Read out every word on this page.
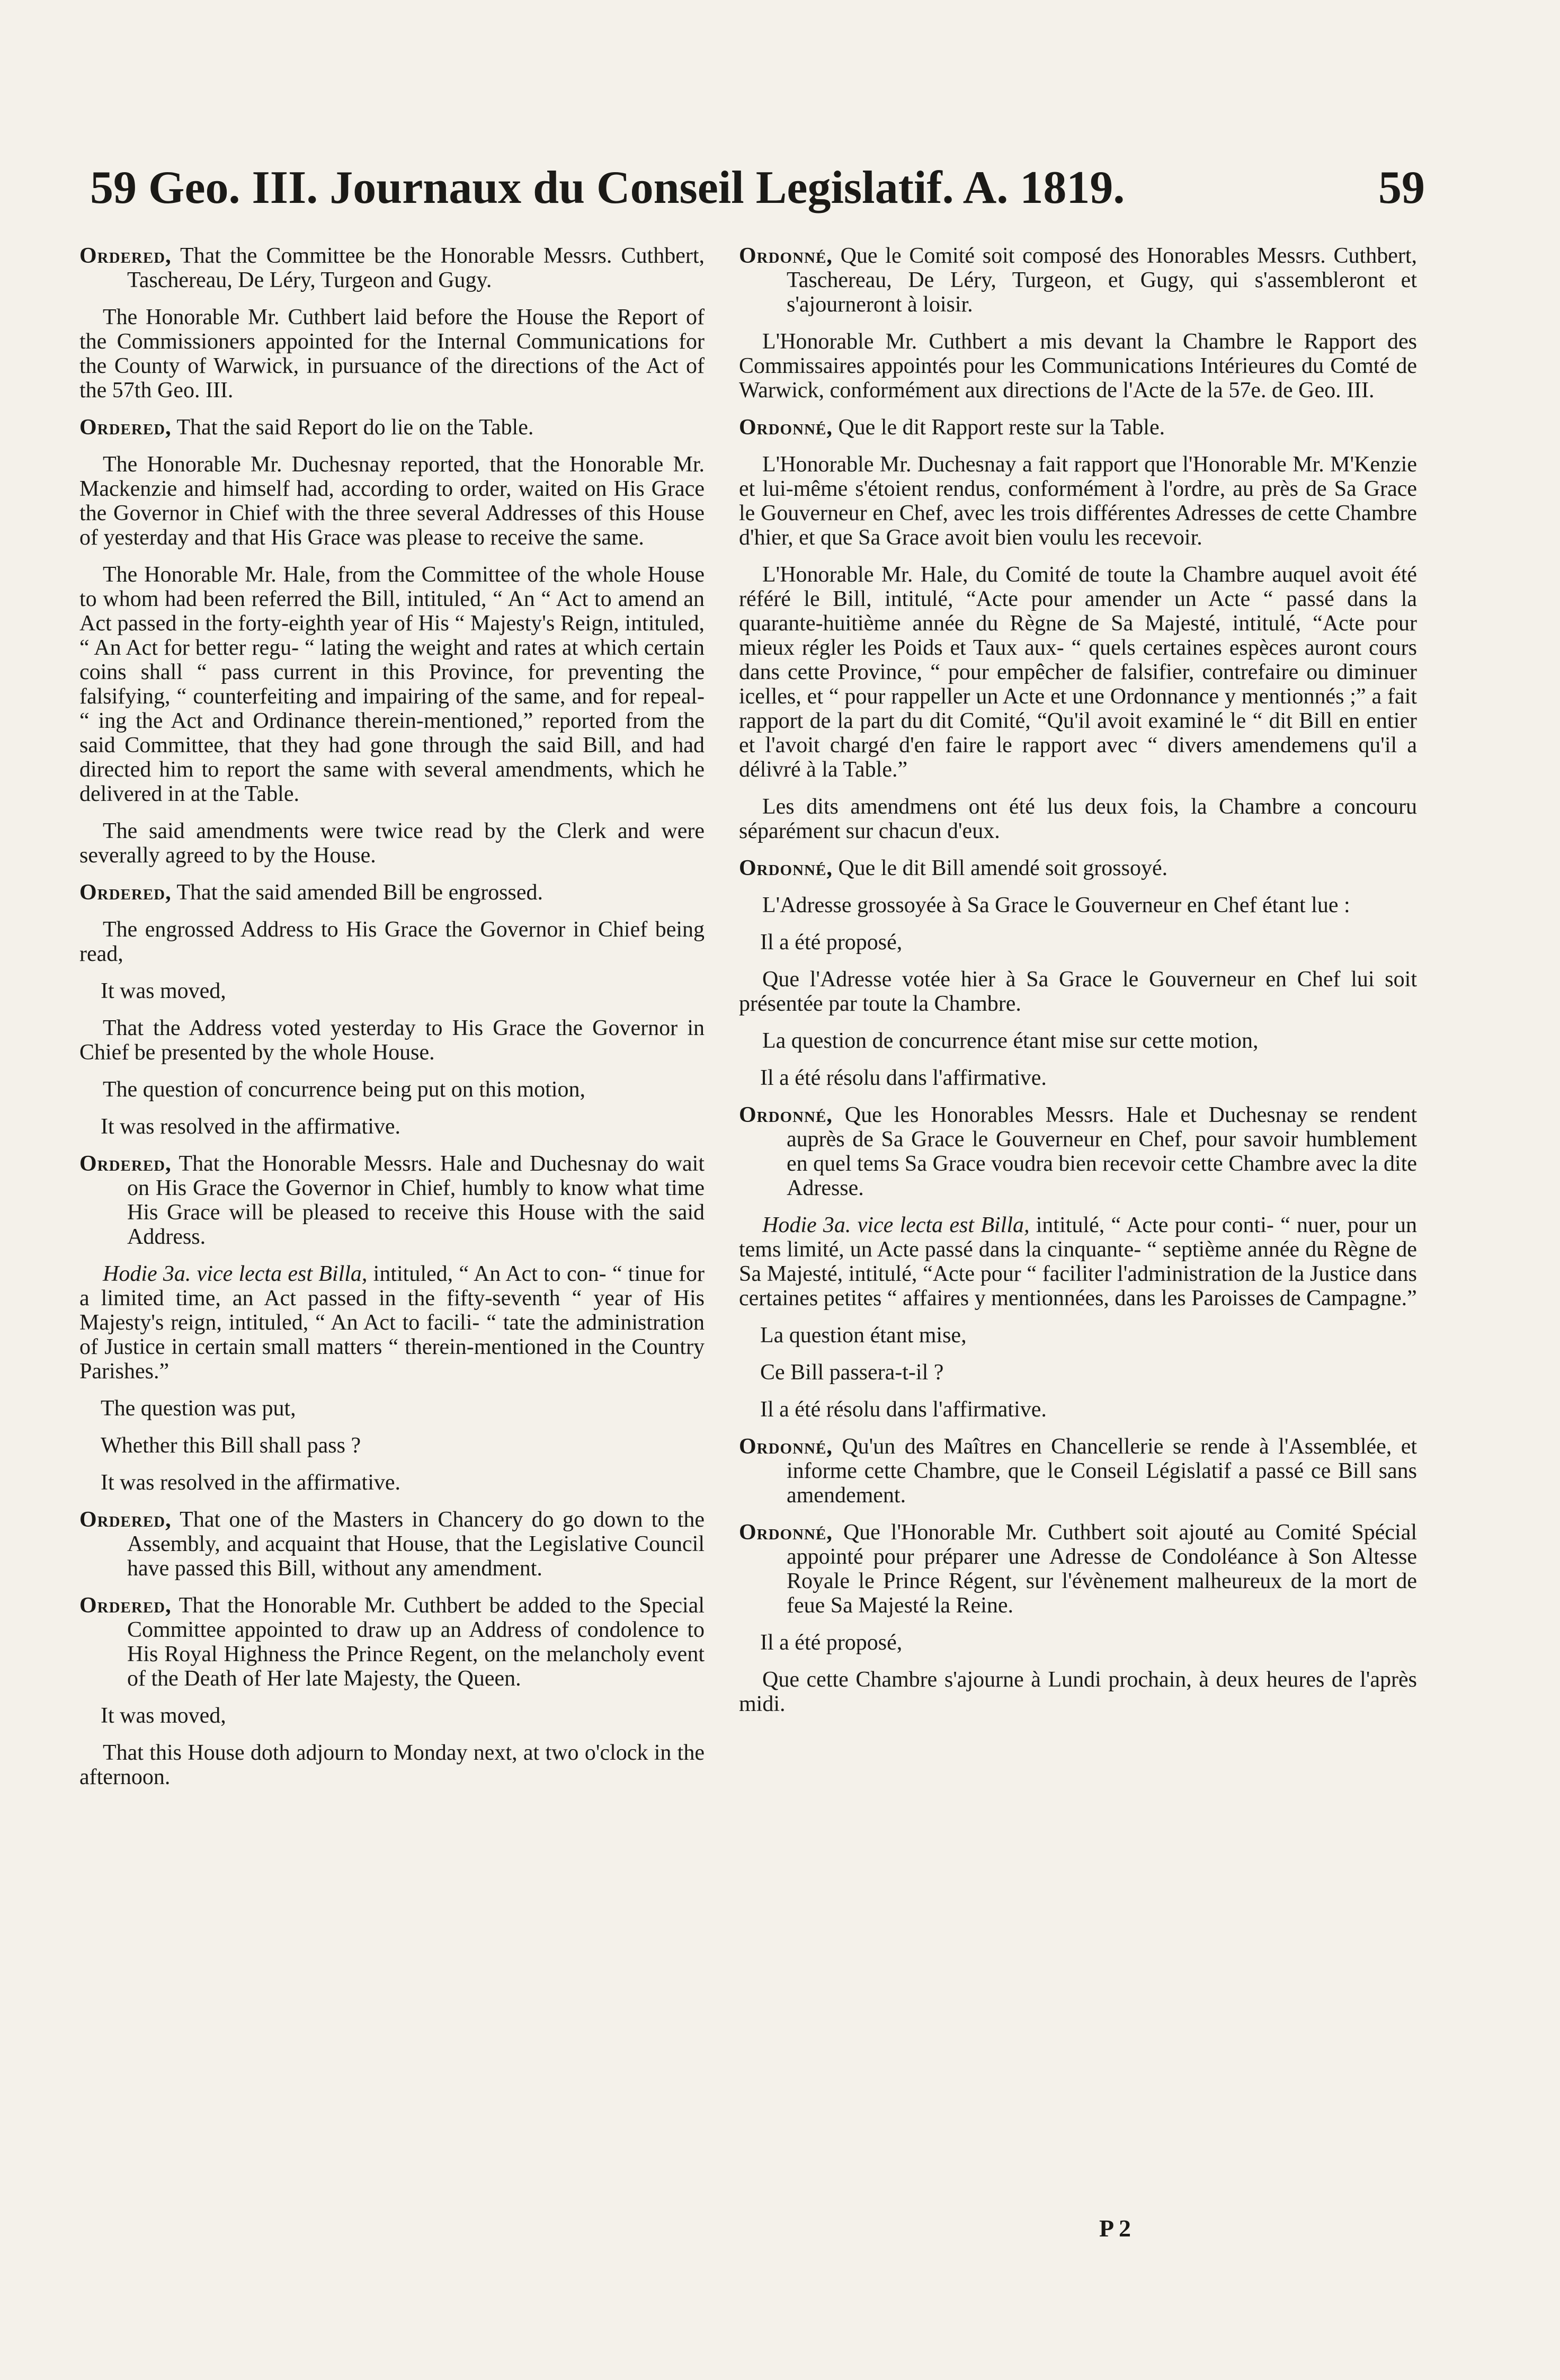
59 Geo. III. Journaux du Conseil Legislatif. A. 1819.	59

Ordered, That the Committee be the Honorable Messrs. Cuthbert, Taschereau, De Léry, Turgeon and Gugy.

The Honorable Mr. Cuthbert laid before the House the Report of the Commissioners appointed for the Internal Communications for the County of Warwick, in pursuance of the directions of the Act of the 57th Geo. III.

Ordered, That the said Report do lie on the Table.

The Honorable Mr. Duchesnay reported, that the Honorable Mr. Mackenzie and himself had, according to order, waited on His Grace the Governor in Chief with the three several Addresses of this House of yesterday and that His Grace was please to receive the same.

The Honorable Mr. Hale, from the Committee of the whole House to whom had been referred the Bill, intituled, “ An “ Act to amend an Act passed in the forty-eighth year of His “ Majesty's Reign, intituled, “ An Act for better regu- “ lating the weight and rates at which certain coins shall “ pass current in this Province, for preventing the falsifying, “ counterfeiting and impairing of the same, and for repeal- “ ing the Act and Ordinance therein-mentioned,” reported from the said Committee, that they had gone through the said Bill, and had directed him to report the same with several amendments, which he delivered in at the Table.

The said amendments were twice read by the Clerk and were severally agreed to by the House.

Ordered, That the said amended Bill be engrossed.

The engrossed Address to His Grace the Governor in Chief being read,

It was moved,

That the Address voted yesterday to His Grace the Governor in Chief be presented by the whole House.

The question of concurrence being put on this motion,

It was resolved in the affirmative.

Ordered, That the Honorable Messrs. Hale and Duchesnay do wait on His Grace the Governor in Chief, humbly to know what time His Grace will be pleased to receive this House with the said Address.

Hodie 3a. vice lecta est Billa, intituled, “ An Act to con- “ tinue for a limited time, an Act passed in the fifty-seventh “ year of His Majesty's reign, intituled, “ An Act to facili- “ tate the administration of Justice in certain small matters “ therein-mentioned in the Country Parishes.”

The question was put,

Whether this Bill shall pass ?

It was resolved in the affirmative.

Ordered, That one of the Masters in Chancery do go down to the Assembly, and acquaint that House, that the Legislative Council have passed this Bill, without any amendment.

Ordered, That the Honorable Mr. Cuthbert be added to the Special Committee appointed to draw up an Address of condolence to His Royal Highness the Prince Regent, on the melancholy event of the Death of Her late Majesty, the Queen.

It was moved,

That this House doth adjourn to Monday next, at two o'clock in the afternoon.

Ordonné, Que le Comité soit composé des Honorables Messrs. Cuthbert, Taschereau, De Léry, Turgeon, et Gugy, qui s'assembleront et s'ajourneront à loisir.

L'Honorable Mr. Cuthbert a mis devant la Chambre le Rapport des Commissaires appointés pour les Communications Intérieures du Comté de Warwick, conformément aux directions de l'Acte de la 57e. de Geo. III.

Ordonné, Que le dit Rapport reste sur la Table.

L'Honorable Mr. Duchesnay a fait rapport que l'Honorable Mr. M'Kenzie et lui-même s'étoient rendus, conformément à l'ordre, au près de Sa Grace le Gouverneur en Chef, avec les trois différentes Adresses de cette Chambre d'hier, et que Sa Grace avoit bien voulu les recevoir.

L'Honorable Mr. Hale, du Comité de toute la Chambre auquel avoit été référé le Bill, intitulé, “Acte pour amender un Acte “ passé dans la quarante-huitième année du Règne de Sa Majesté, intitulé, “Acte pour mieux régler les Poids et Taux aux- “ quels certaines espèces auront cours dans cette Province, “ pour empêcher de falsifier, contrefaire ou diminuer icelles, et “ pour rappeller un Acte et une Ordonnance y mentionnés ;” a fait rapport de la part du dit Comité, “Qu'il avoit examiné le “ dit Bill en entier et l'avoit chargé d'en faire le rapport avec “ divers amendemens qu'il a délivré à la Table.”

Les dits amendmens ont été lus deux fois, la Chambre a concouru séparément sur chacun d'eux.

Ordonné, Que le dit Bill amendé soit grossoyé.

L'Adresse grossoyée à Sa Grace le Gouverneur en Chef étant lue :

Il a été proposé,

Que l'Adresse votée hier à Sa Grace le Gouverneur en Chef lui soit présentée par toute la Chambre.

La question de concurrence étant mise sur cette motion,

Il a été résolu dans l'affirmative.

Ordonné, Que les Honorables Messrs. Hale et Duchesnay se rendent auprès de Sa Grace le Gouverneur en Chef, pour savoir humblement en quel tems Sa Grace voudra bien recevoir cette Chambre avec la dite Adresse.

Hodie 3a. vice lecta est Billa, intitulé, “ Acte pour conti- “ nuer, pour un tems limité, un Acte passé dans la cinquante- “ septième année du Règne de Sa Majesté, intitulé, “Acte pour “ faciliter l'administration de la Justice dans certaines petites “ affaires y mentionnées, dans les Paroisses de Campagne.”

La question étant mise,

Ce Bill passera-t-il ?

Il a été résolu dans l'affirmative.

Ordonné, Qu'un des Maîtres en Chancellerie se rende à l'Assemblée, et informe cette Chambre, que le Conseil Législatif a passé ce Bill sans amendement.

Ordonné, Que l'Honorable Mr. Cuthbert soit ajouté au Comité Spécial appointé pour préparer une Adresse de Condoléance à Son Altesse Royale le Prince Régent, sur l'évènement malheureux de la mort de feue Sa Majesté la Reine.

Il a été proposé,

Que cette Chambre s'ajourne à Lundi prochain, à deux heures de l'après midi.

P 2
